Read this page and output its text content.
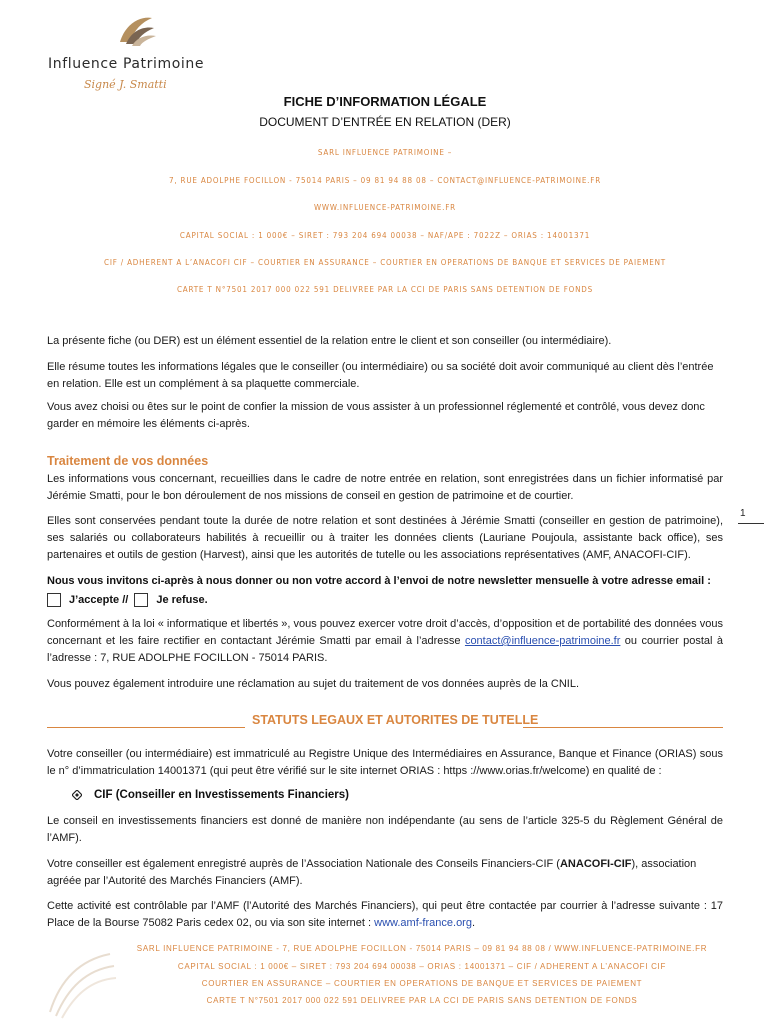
Influence Patrimoine
Signé J. Smatti
FICHE D’INFORMATION LÉGALE
DOCUMENT D’ENTRÉE EN RELATION (DER)
SARL INFLUENCE PATRIMOINE –
7, RUE ADOLPHE FOCILLON - 75014 PARIS – 09 81 94 88 08 – CONTACT@INFLUENCE-PATRIMOINE.FR
WWW.INFLUENCE-PATRIMOINE.FR
CAPITAL SOCIAL : 1 000€ – SIRET : 793 204 694 00038 – NAF/APE : 7022Z – ORIAS : 14001371
CIF / ADHERENT A L’ANACOFI CIF – COURTIER EN ASSURANCE – COURTIER EN OPERATIONS DE BANQUE ET SERVICES DE PAIEMENT
CARTE T N°7501 2017 000 022 591 DELIVREE PAR LA CCI DE PARIS SANS DETENTION DE FONDS
1
La présente fiche (ou DER) est un élément essentiel de la relation entre le client et son conseiller (ou intermédiaire).
Elle résume toutes les informations légales que le conseiller (ou intermédiaire) ou sa société doit avoir communiqué au client dès l’entrée en relation. Elle est un complément à sa plaquette commerciale.
Vous avez choisi ou êtes sur le point de confier la mission de vous assister à un professionnel réglementé et contrôlé, vous devez donc garder en mémoire les éléments ci-après.
Traitement de vos données
Les informations vous concernant, recueillies dans le cadre de notre entrée en relation, sont enregistrées dans un fichier informatisé par Jérémie Smatti, pour le bon déroulement de nos missions de conseil en gestion de patrimoine et de courtier.
Elles sont conservées pendant toute la durée de notre relation et sont destinées à Jérémie Smatti (conseiller en gestion de patrimoine), ses salariés ou collaborateurs habilités à recueillir ou à traiter les données clients (Lauriane Poujoula, assistante back office), ses partenaires et outils de gestion (Harvest), ainsi que les autorités de tutelle ou les associations représentatives (AMF, ANACOFI-CIF).
Nous vous invitons ci-après à nous donner ou non votre accord à l’envoi de notre newsletter mensuelle à votre adresse email :
J’accepte //	Je refuse.
Conformément à la loi « informatique et libertés », vous pouvez exercer votre droit d’accès, d’opposition et de portabilité des données vous concernant et les faire rectifier en contactant Jérémie Smatti par email à l’adresse contact@influence-patrimoine.fr ou courrier postal à l’adresse : 7, RUE ADOLPHE FOCILLON - 75014 PARIS.
Vous pouvez également introduire une réclamation au sujet du traitement de vos données auprès de la CNIL.
STATUTS LEGAUX ET AUTORITES DE TUTELLE
Votre conseiller (ou intermédiaire) est immatriculé au Registre Unique des Intermédiaires en Assurance, Banque et Finance (ORIAS) sous le n° d’immatriculation 14001371 (qui peut être vérifié sur le site internet ORIAS : https ://www.orias.fr/welcome) en qualité de :
CIF (Conseiller en Investissements Financiers)
Le conseil en investissements financiers est donné de manière non indépendante (au sens de l’article 325-5 du Règlement Général de l’AMF).
Votre conseiller est également enregistré auprès de l’Association Nationale des Conseils Financiers-CIF (ANACOFI-CIF), association agréée par l’Autorité des Marchés Financiers (AMF).
Cette activité est contrôlable par l’AMF (l’Autorité des Marchés Financiers), qui peut être contactée par courrier à l’adresse suivante : 17 Place de la Bourse 75082 Paris cedex 02, ou via son site internet : www.amf-france.org.
SARL INFLUENCE PATRIMOINE - 7, RUE ADOLPHE FOCILLON - 75014 PARIS – 09 81 94 88 08 / WWW.INFLUENCE-PATRIMOINE.FR
CAPITAL SOCIAL : 1 000€ – SIRET : 793 204 694 00038 – ORIAS : 14001371 – CIF / ADHERENT A L’ANACOFI CIF
COURTIER EN ASSURANCE – COURTIER EN OPERATIONS DE BANQUE ET SERVICES DE PAIEMENT
CARTE T N°7501 2017 000 022 591 DELIVREE PAR LA CCI DE PARIS SANS DETENTION DE FONDS
